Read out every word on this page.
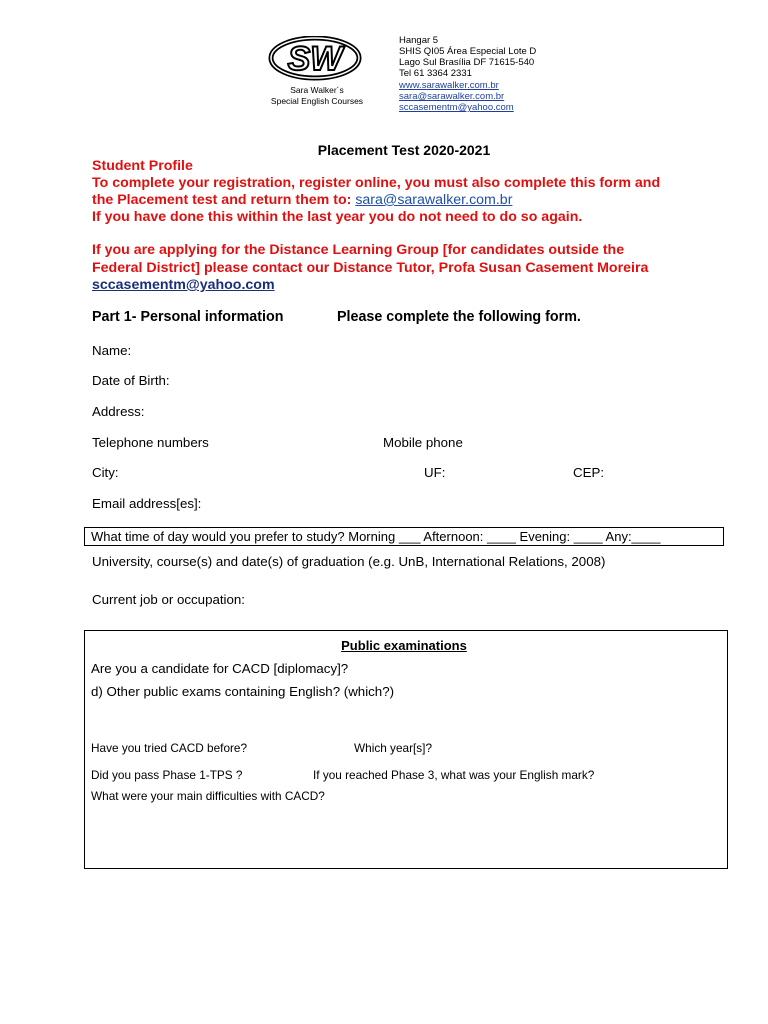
SW
Sara Walker´s
Special English Courses
Hangar 5
SHIS QI05 Área Especial Lote D
Lago Sul Brasília DF 71615-540
Tel 61 3364 2331
www.sarawalker.com.br
sara@sarawalker.com.br
sccasementm@yahoo.com
Placement Test 2020-2021
Student Profile
To complete your registration, register online, you must also complete this form and
the Placement test and return them to: sara@sarawalker.com.br
If you have done this within the last year you do not need to do so again.
If you are applying for the Distance Learning Group [for candidates outside the
Federal District] please contact our Distance Tutor, Profa Susan Casement Moreira
sccasementm@yahoo.com
Part 1- Personal information	Please complete the following form.
Name:
Date of Birth:
Address:
Telephone numbers	Mobile phone
City:	UF:	CEP:
Email address[es]:
What time of day would you prefer to study? Morning ___ Afternoon: ____ Evening: ____ Any:____
University, course(s) and date(s) of graduation (e.g. UnB, International Relations, 2008)
Current job or occupation:
Public examinations
Are you a candidate for CACD [diplomacy]?
d) Other public exams containing English? (which?)
Have you tried CACD before?	Which year[s]?
Did you pass Phase 1-TPS ?	If you reached Phase 3, what was your English mark?
What were your main difficulties with CACD?
